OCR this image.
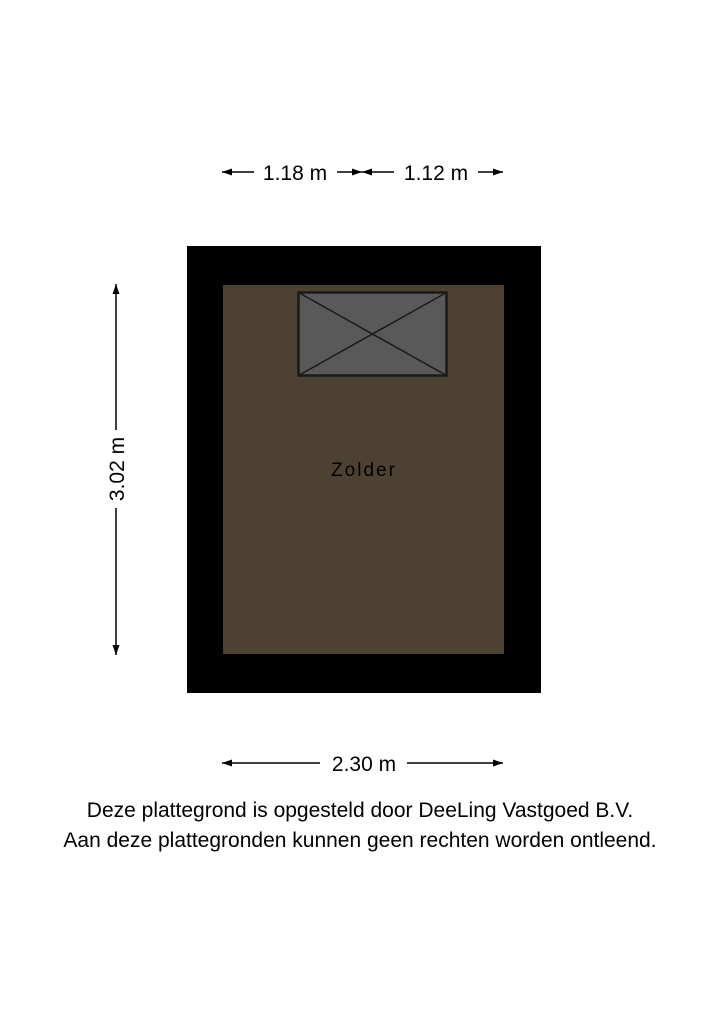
1.18 m	1.12 m
3.02 m	Zolder
2.30 m
Deze plattegrond is opgesteld door DeeLing Vastgoed B.V.
Aan deze plattegronden kunnen geen rechten worden ontleend.
